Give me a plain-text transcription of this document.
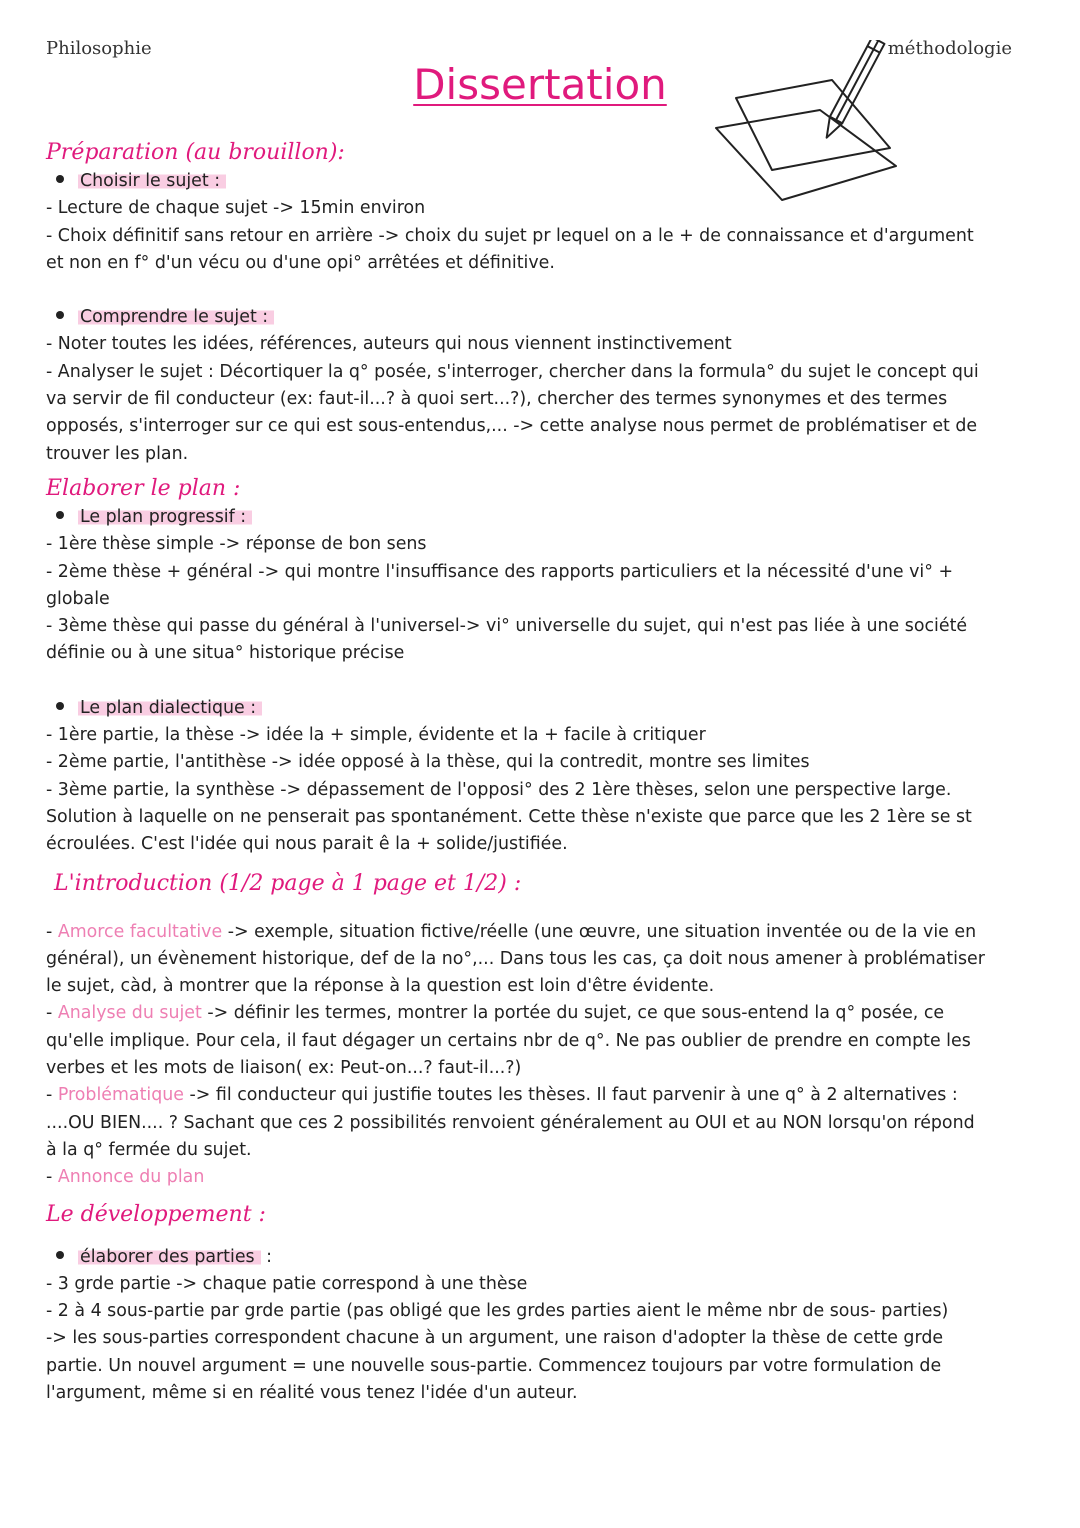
Philosophie	méthodologie
Dissertation
Préparation (au brouillon):

Choisir le sujet :

- Lecture de chaque sujet -> 15min environ

- Choix définitif sans retour en arrière -> choix du sujet pr lequel on a le + de connaissance et d'argument

et non en f° d'un vécu ou d'une opi° arrêtées et définitive.

Comprendre le sujet :

- Noter toutes les idées, références, auteurs qui nous viennent instinctivement

- Analyser le sujet : Décortiquer la q° posée, s'interroger, chercher dans la formula° du sujet le concept qui

va servir de fil conducteur (ex: faut-il...? à quoi sert...?), chercher des termes synonymes et des termes

opposés, s'interroger sur ce qui est sous-entendus,... -> cette analyse nous permet de problématiser et de

trouver les plan.

Elaborer le plan :

Le plan progressif :

- 1ère thèse simple -> réponse de bon sens

- 2ème thèse + général -> qui montre l'insuffisance des rapports particuliers et la nécessité d'une vi° +

globale

- 3ème thèse qui passe du général à l'universel-> vi° universelle du sujet, qui n'est pas liée à une société

définie ou à une situa° historique précise

Le plan dialectique :

- 1ère partie, la thèse -> idée la + simple, évidente et la + facile à critiquer

- 2ème partie, l'antithèse -> idée opposé à la thèse, qui la contredit, montre ses limites

- 3ème partie, la synthèse -> dépassement de l'opposi° des 2 1ère thèses, selon une perspective large.

Solution à laquelle on ne penserait pas spontanément. Cette thèse n'existe que parce que les 2 1ère se st

écroulées. C'est l'idée qui nous parait ê la + solide/justifiée.

L'introduction (1/2 page à 1 page et 1/2) :

- Amorce facultative -> exemple, situation fictive/réelle (une œuvre, une situation inventée ou de la vie en

général), un évènement historique, def de la no°,... Dans tous les cas, ça doit nous amener à problématiser

le sujet, càd, à montrer que la réponse à la question est loin d'être évidente.

- Analyse du sujet -> définir les termes, montrer la portée du sujet, ce que sous-entend la q° posée, ce

qu'elle implique. Pour cela, il faut dégager un certains nbr de q°. Ne pas oublier de prendre en compte les

verbes et les mots de liaison( ex: Peut-on...? faut-il...?)

- Problématique -> fil conducteur qui justifie toutes les thèses. Il faut parvenir à une q° à 2 alternatives :

....OU BIEN.... ? Sachant que ces 2 possibilités renvoient généralement au OUI et au NON lorsqu'on répond

à la q° fermée du sujet.

- Annonce du plan

Le développement :

élaborer des parties :

- 3 grde partie -> chaque patie correspond à une thèse

- 2 à 4 sous-partie par grde partie (pas obligé que les grdes parties aient le même nbr de sous- parties)

-> les sous-parties correspondent chacune à un argument, une raison d'adopter la thèse de cette grde

partie. Un nouvel argument = une nouvelle sous-partie. Commencez toujours par votre formulation de

l'argument, même si en réalité vous tenez l'idée d'un auteur.
